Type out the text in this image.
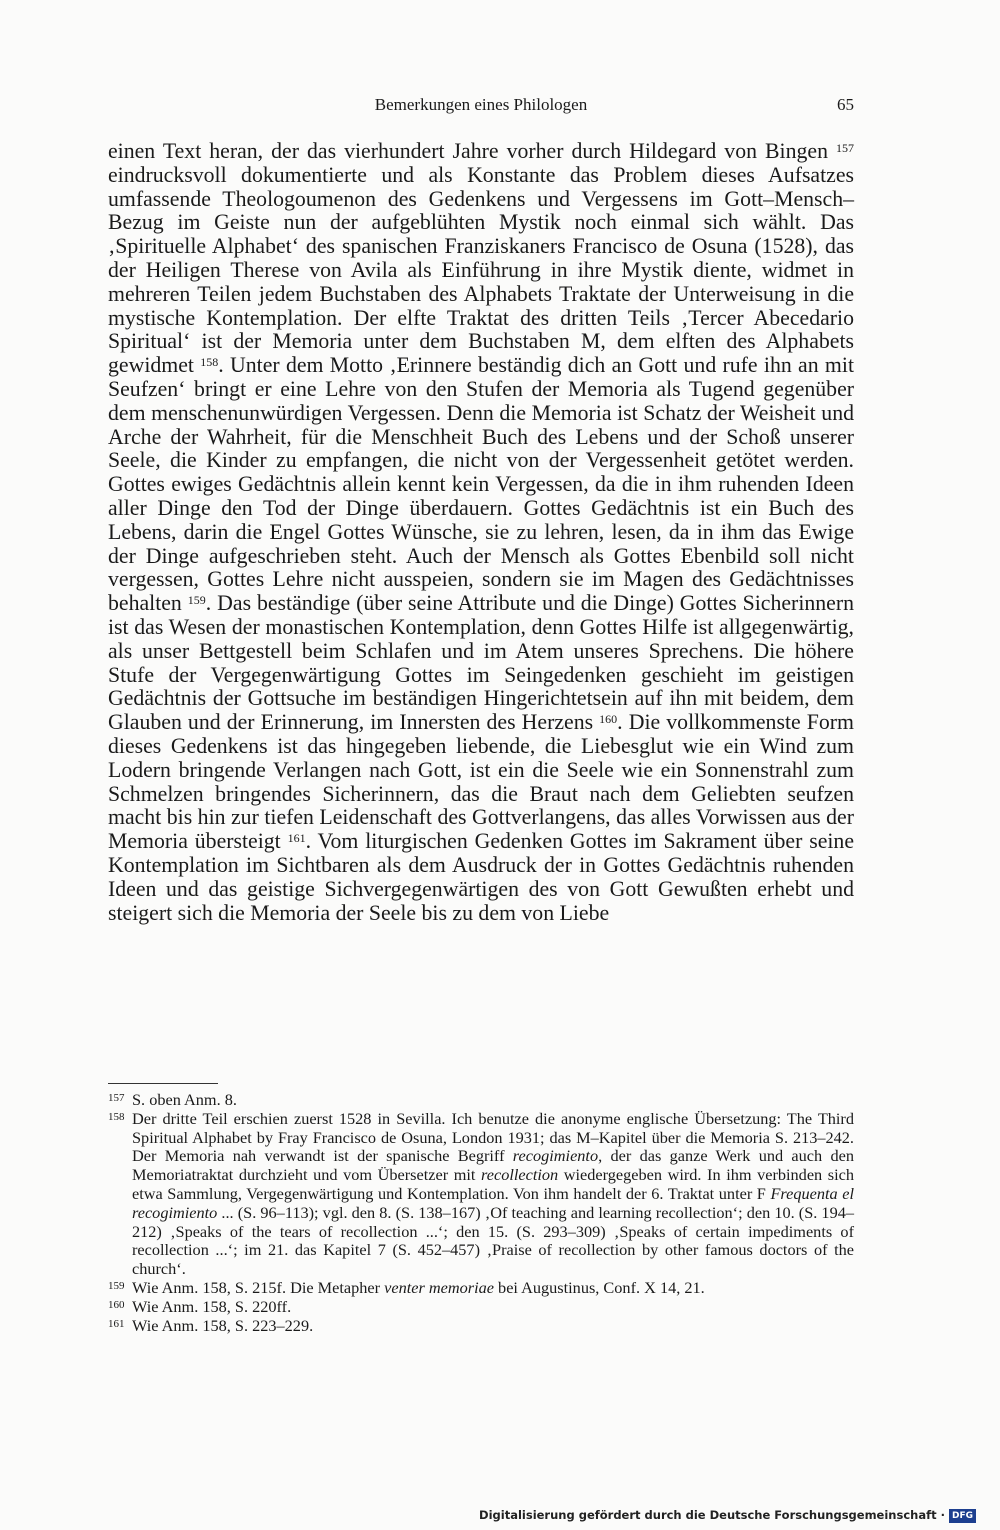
Bemerkungen eines Philologen	65

einen Text heran, der das vierhundert Jahre vorher durch Hildegard von Bingen $^{157}$ eindrucksvoll dokumentierte und als Konstante das Problem dieses Aufsatzes umfassende Theologoumenon des Gedenkens und Vergessens im Gott–Mensch–Bezug im Geiste nun der aufgeblühten Mystik noch einmal sich wählt. Das ‚Spirituelle Alphabet‘ des spanischen Franziskaners Francisco de Osuna (1528), das der Heiligen Therese von Avila als Einführung in ihre Mystik diente, widmet in mehreren Teilen jedem Buchstaben des Alphabets Traktate der Unterweisung in die mystische Kontemplation. Der elfte Traktat des dritten Teils ‚Tercer Abecedario Spiritual‘ ist der Memoria unter dem Buchstaben M, dem elften des Alphabets gewidmet $^{158}$. Unter dem Motto ‚Erinnere beständig dich an Gott und rufe ihn an mit Seufzen‘ bringt er eine Lehre von den Stufen der Memoria als Tugend gegenüber dem menschenunwürdigen Vergessen. Denn die Memoria ist Schatz der Weisheit und Arche der Wahrheit, für die Menschheit Buch des Lebens und der Schoß unserer Seele, die Kinder zu empfangen, die nicht von der Vergessenheit getötet werden. Gottes ewiges Gedächtnis allein kennt kein Vergessen, da die in ihm ruhenden Ideen aller Dinge den Tod der Dinge überdauern. Gottes Gedächtnis ist ein Buch des Lebens, darin die Engel Gottes Wünsche, sie zu lehren, lesen, da in ihm das Ewige der Dinge aufgeschrieben steht. Auch der Mensch als Gottes Ebenbild soll nicht vergessen, Gottes Lehre nicht ausspeien, sondern sie im Magen des Gedächtnisses behalten $^{159}$. Das beständige (über seine Attribute und die Dinge) Gottes Sicherinnern ist das Wesen der monastischen Kontemplation, denn Gottes Hilfe ist allgegenwärtig, als unser Bettgestell beim Schlafen und im Atem unseres Sprechens. Die höhere Stufe der Vergegenwärtigung Gottes im Seingedenken geschieht im geistigen Gedächtnis der Gottsuche im beständigen Hingerichtetsein auf ihn mit beidem, dem Glauben und der Erinnerung, im Innersten des Herzens $^{160}$. Die vollkommenste Form dieses Gedenkens ist das hingegeben liebende, die Liebesglut wie ein Wind zum Lodern bringende Verlangen nach Gott, ist ein die Seele wie ein Sonnenstrahl zum Schmelzen bringendes Sicherinnern, das die Braut nach dem Geliebten seufzen macht bis hin zur tiefen Leidenschaft des Gottverlangens, das alles Vorwissen aus der Memoria übersteigt $^{161}$. Vom liturgischen Gedenken Gottes im Sakrament über seine Kontemplation im Sichtbaren als dem Ausdruck der in Gottes Gedächtnis ruhenden Ideen und das geistige Sichvergegenwärtigen des von Gott Gewußten erhebt und steigert sich die Memoria der Seele bis zu dem von Liebe

157 S. oben Anm. 8.
158 Der dritte Teil erschien zuerst 1528 in Sevilla. Ich benutze die anonyme englische Übersetzung: The Third Spiritual Alphabet by Fray Francisco de Osuna, London 1931; das M–Kapitel über die Memoria S. 213–242. Der Memoria nah verwandt ist der spanische Begriff recogimiento, der das ganze Werk und auch den Memoriatraktat durchzieht und vom Übersetzer mit recollection wiedergegeben wird. In ihm verbinden sich etwa Sammlung, Vergegenwärtigung und Kontemplation. Von ihm handelt der 6. Traktat unter F Frequenta el recogimiento ... (S. 96–113); vgl. den 8. (S. 138–167) ‚Of teaching and learning recollection‘; den 10. (S. 194–212) ‚Speaks of the tears of recollection ...‘; den 15. (S. 293–309) ‚Speaks of certain impediments of recollection ...‘; im 21. das Kapitel 7 (S. 452–457) ‚Praise of recollection by other famous doctors of the church‘.
159 Wie Anm. 158, S. 215f. Die Metapher venter memoriae bei Augustinus, Conf. X 14, 21.
160 Wie Anm. 158, S. 220ff.
161 Wie Anm. 158, S. 223–229.
Digitalisierung gefördert durch die Deutsche Forschungsgemeinschaft · DFG
